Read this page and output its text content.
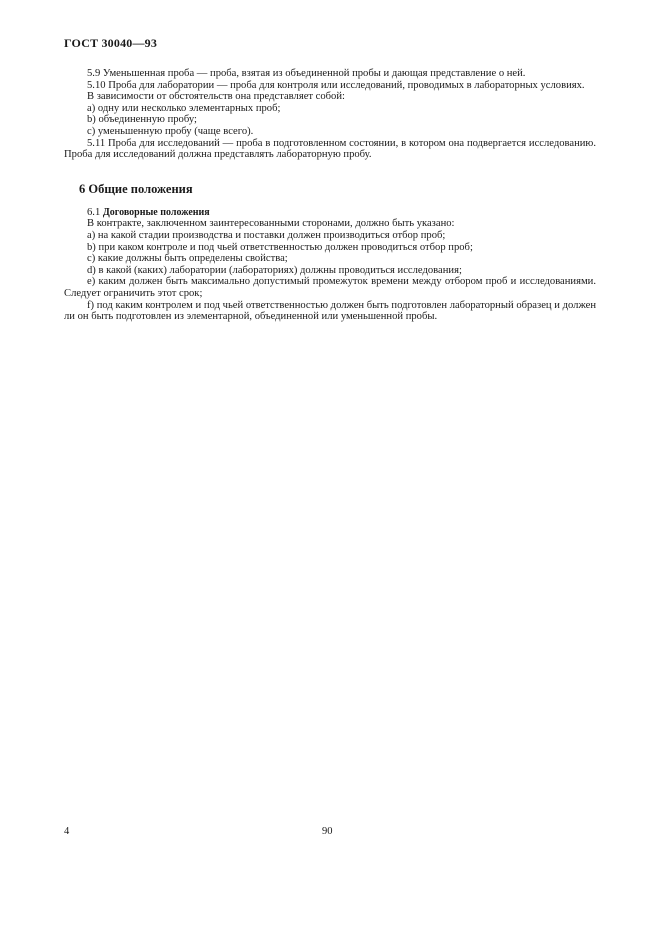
ГОСТ 30040—93

5.9 Уменьшенная проба — проба, взятая из объединенной пробы и дающая представление о ней.

5.10 Проба для лаборатории — проба для контроля или исследований, проводимых в лабораторных условиях.

В зависимости от обстоятельств она представляет собой:

a) одну или несколько элементарных проб;

b) объединенную пробу;

c) уменьшенную пробу (чаще всего).

5.11 Проба для исследований — проба в подготовленном состоянии, в котором она подвергается исследованию. Проба для исследований должна представлять лабораторную пробу.

6 Общие положения

6.1 Договорные положения

В контракте, заключенном заинтересованными сторонами, должно быть указано:

a) на какой стадии производства и поставки должен производиться отбор проб;

b) при каком контроле и под чьей ответственностью должен проводиться отбор проб;

c) какие должны быть определены свойства;

d) в какой (каких) лаборатории (лабораториях) должны проводиться исследования;

e) каким должен быть максимально допустимый промежуток времени между отбором проб и исследованиями. Следует ограничить этот срок;

f) под каким контролем и под чьей ответственностью должен быть подготовлен лабораторный образец и должен ли он быть подготовлен из элементарной, объединенной или уменьшенной пробы.

4	90
